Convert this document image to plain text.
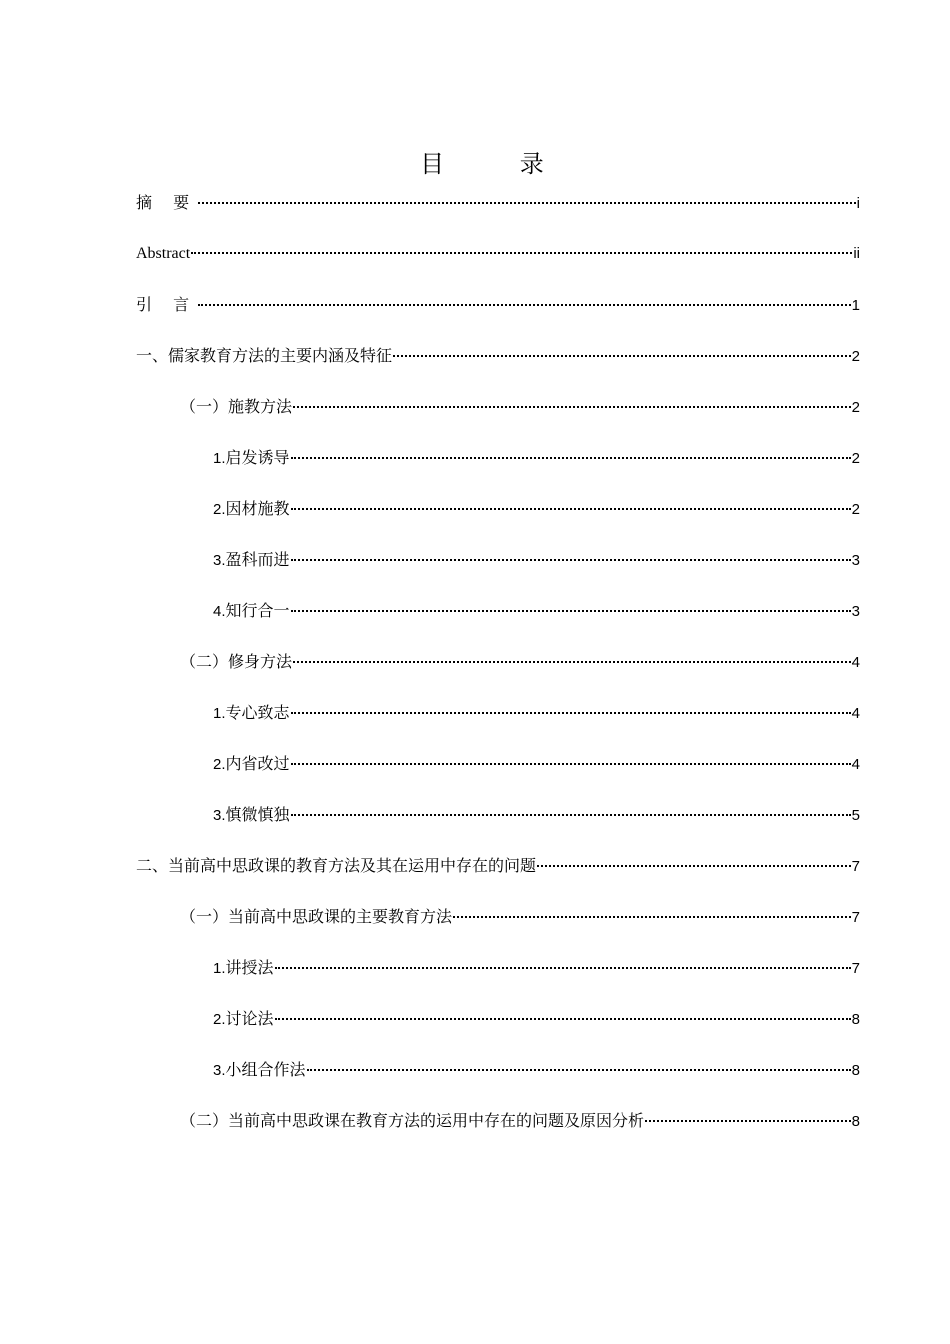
目 录
摘 要	i
Abstract	ii
引 言	1
一、儒家教育方法的主要内涵及特征	2
（一）施教方法	2
1.启发诱导	2
2.因材施教	2
3.盈科而进	3
4.知行合一	3
（二）修身方法	4
1.专心致志	4
2.内省改过	4
3.慎微慎独	5
二、当前高中思政课的教育方法及其在运用中存在的问题	7
（一）当前高中思政课的主要教育方法	7
1.讲授法	7
2.讨论法	8
3.小组合作法	8
（二）当前高中思政课在教育方法的运用中存在的问题及原因分析	8
